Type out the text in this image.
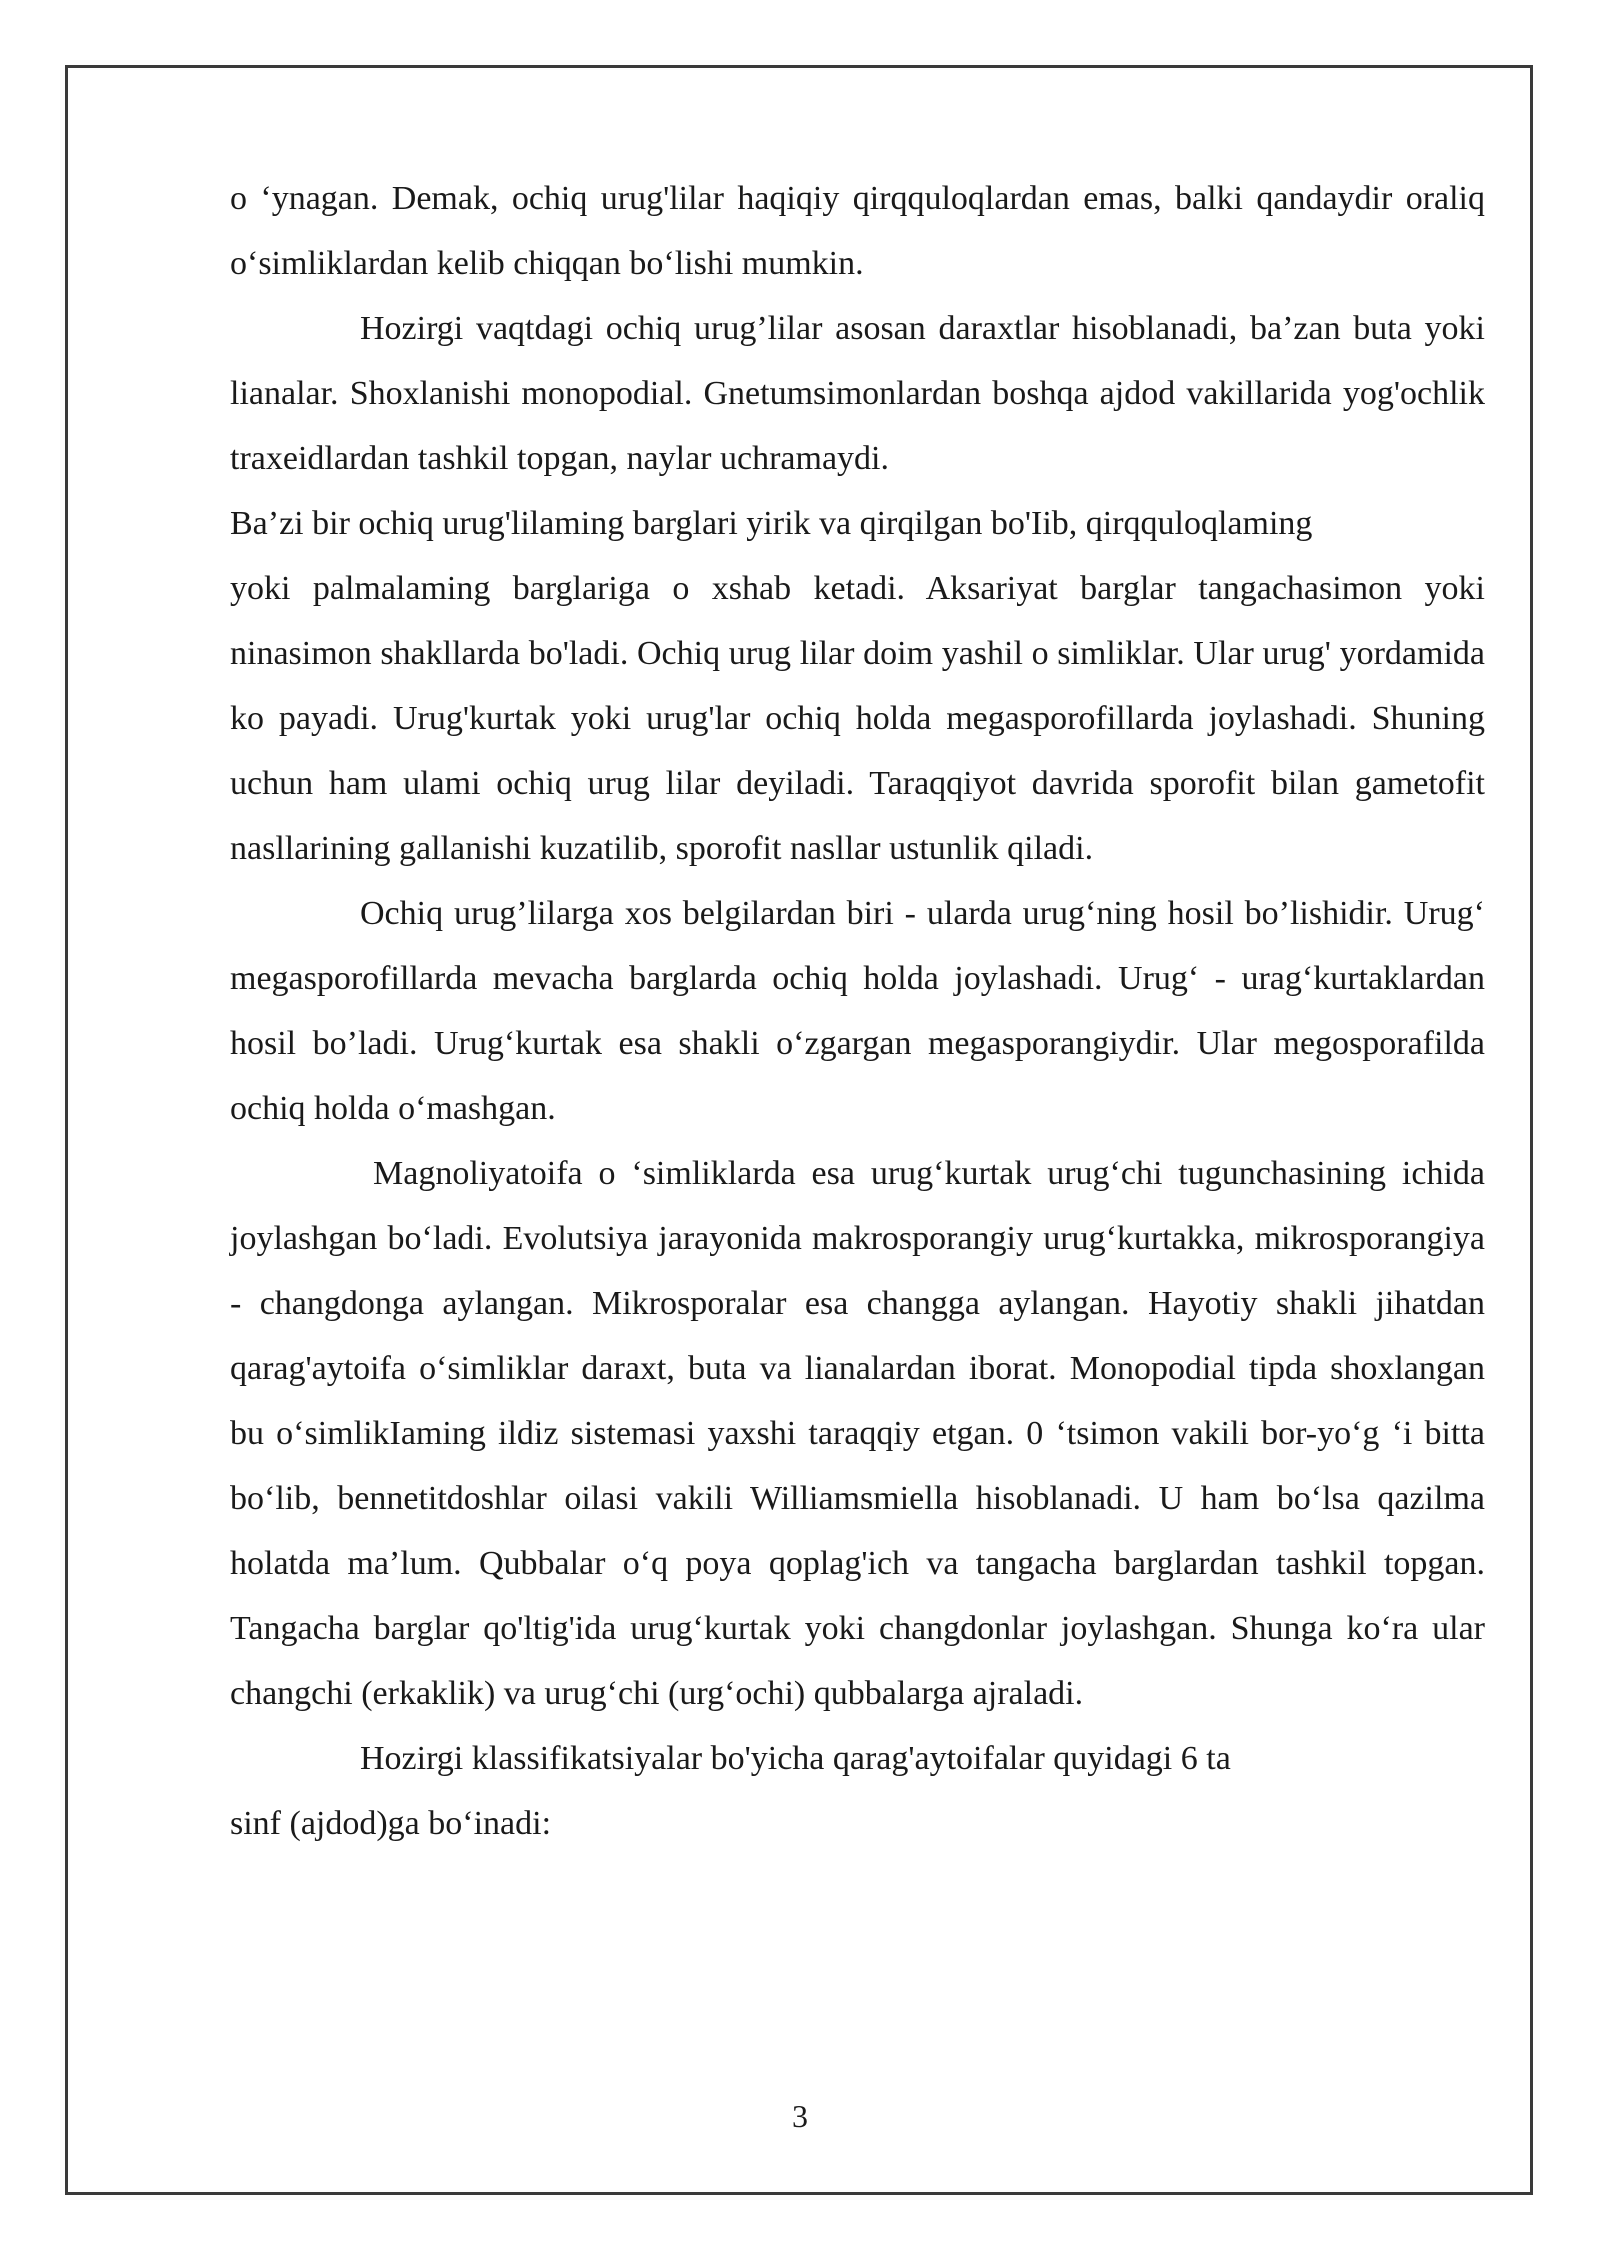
o ‘ynagan. Demak, ochiq urug'lilar haqiqiy qirqquloqlardan emas, balki qandaydir oraliq o‘simliklardan kelib chiqqan bo‘lishi mumkin.

Hozirgi vaqtdagi ochiq urug’lilar asosan daraxtlar hisoblanadi, ba’zan buta yoki lianalar. Shoxlanishi monopodial. Gnetumsimonlardan boshqa ajdod vakillarida yog'ochlik traxeidlardan tashkil topgan, naylar uchramaydi.

Ba’zi bir ochiq urug'lilaming barglari yirik va qirqilgan bo'Iib, qirqquloqlaming

yoki palmalaming barglariga o xshab ketadi. Aksariyat barglar tangachasimon yoki ninasimon shakllarda bo'ladi. Ochiq urug lilar doim yashil o simliklar. Ular urug' yordamida ko payadi. Urug'kurtak yoki urug'lar ochiq holda megasporofillarda joylashadi. Shuning uchun ham ulami ochiq urug lilar deyiladi. Taraqqiyot davrida sporofit bilan gametofit nasllarining gallanishi kuzatilib, sporofit nasllar ustunlik qiladi.

Ochiq urug’lilarga xos belgilardan biri - ularda urug‘ning hosil bo’lishidir. Urug‘ megasporofillarda mevacha barglarda ochiq holda joylashadi. Urug‘ - urag‘kurtaklardan hosil bo’ladi. Urug‘kurtak esa shakli o‘zgargan megasporangiydir. Ular megosporafilda ochiq holda o‘mashgan.

Magnoliyatoifa o ‘simliklarda esa urug‘kurtak urug‘chi tugunchasining ichida joylashgan bo‘ladi. Evolutsiya jarayonida makrosporangiy urug‘kurtakka, mikrosporangiya - changdonga aylangan. Mikrosporalar esa changga aylangan. Hayotiy shakli jihatdan qarag'aytoifa o‘simliklar daraxt, buta va lianalardan iborat. Monopodial tipda shoxlangan bu o‘simlikIaming ildiz sistemasi yaxshi taraqqiy etgan. 0 ‘tsimon vakili bor-yo‘g ‘i bitta bo‘lib, bennetitdoshlar oilasi vakili Williamsmiella hisoblanadi. U ham bo‘lsa qazilma holatda ma’lum. Qubbalar o‘q poya qoplag'ich va tangacha barglardan tashkil topgan. Tangacha barglar qo'ltig'ida urug‘kurtak yoki changdonlar joylashgan. Shunga ko‘ra ular changchi (erkaklik) va urug‘chi (urg‘ochi) qubbalarga ajraladi.

Hozirgi klassifikatsiyalar bo'yicha qarag'aytoifalar quyidagi 6 ta

sinf (ajdod)ga bo‘inadi:

3
